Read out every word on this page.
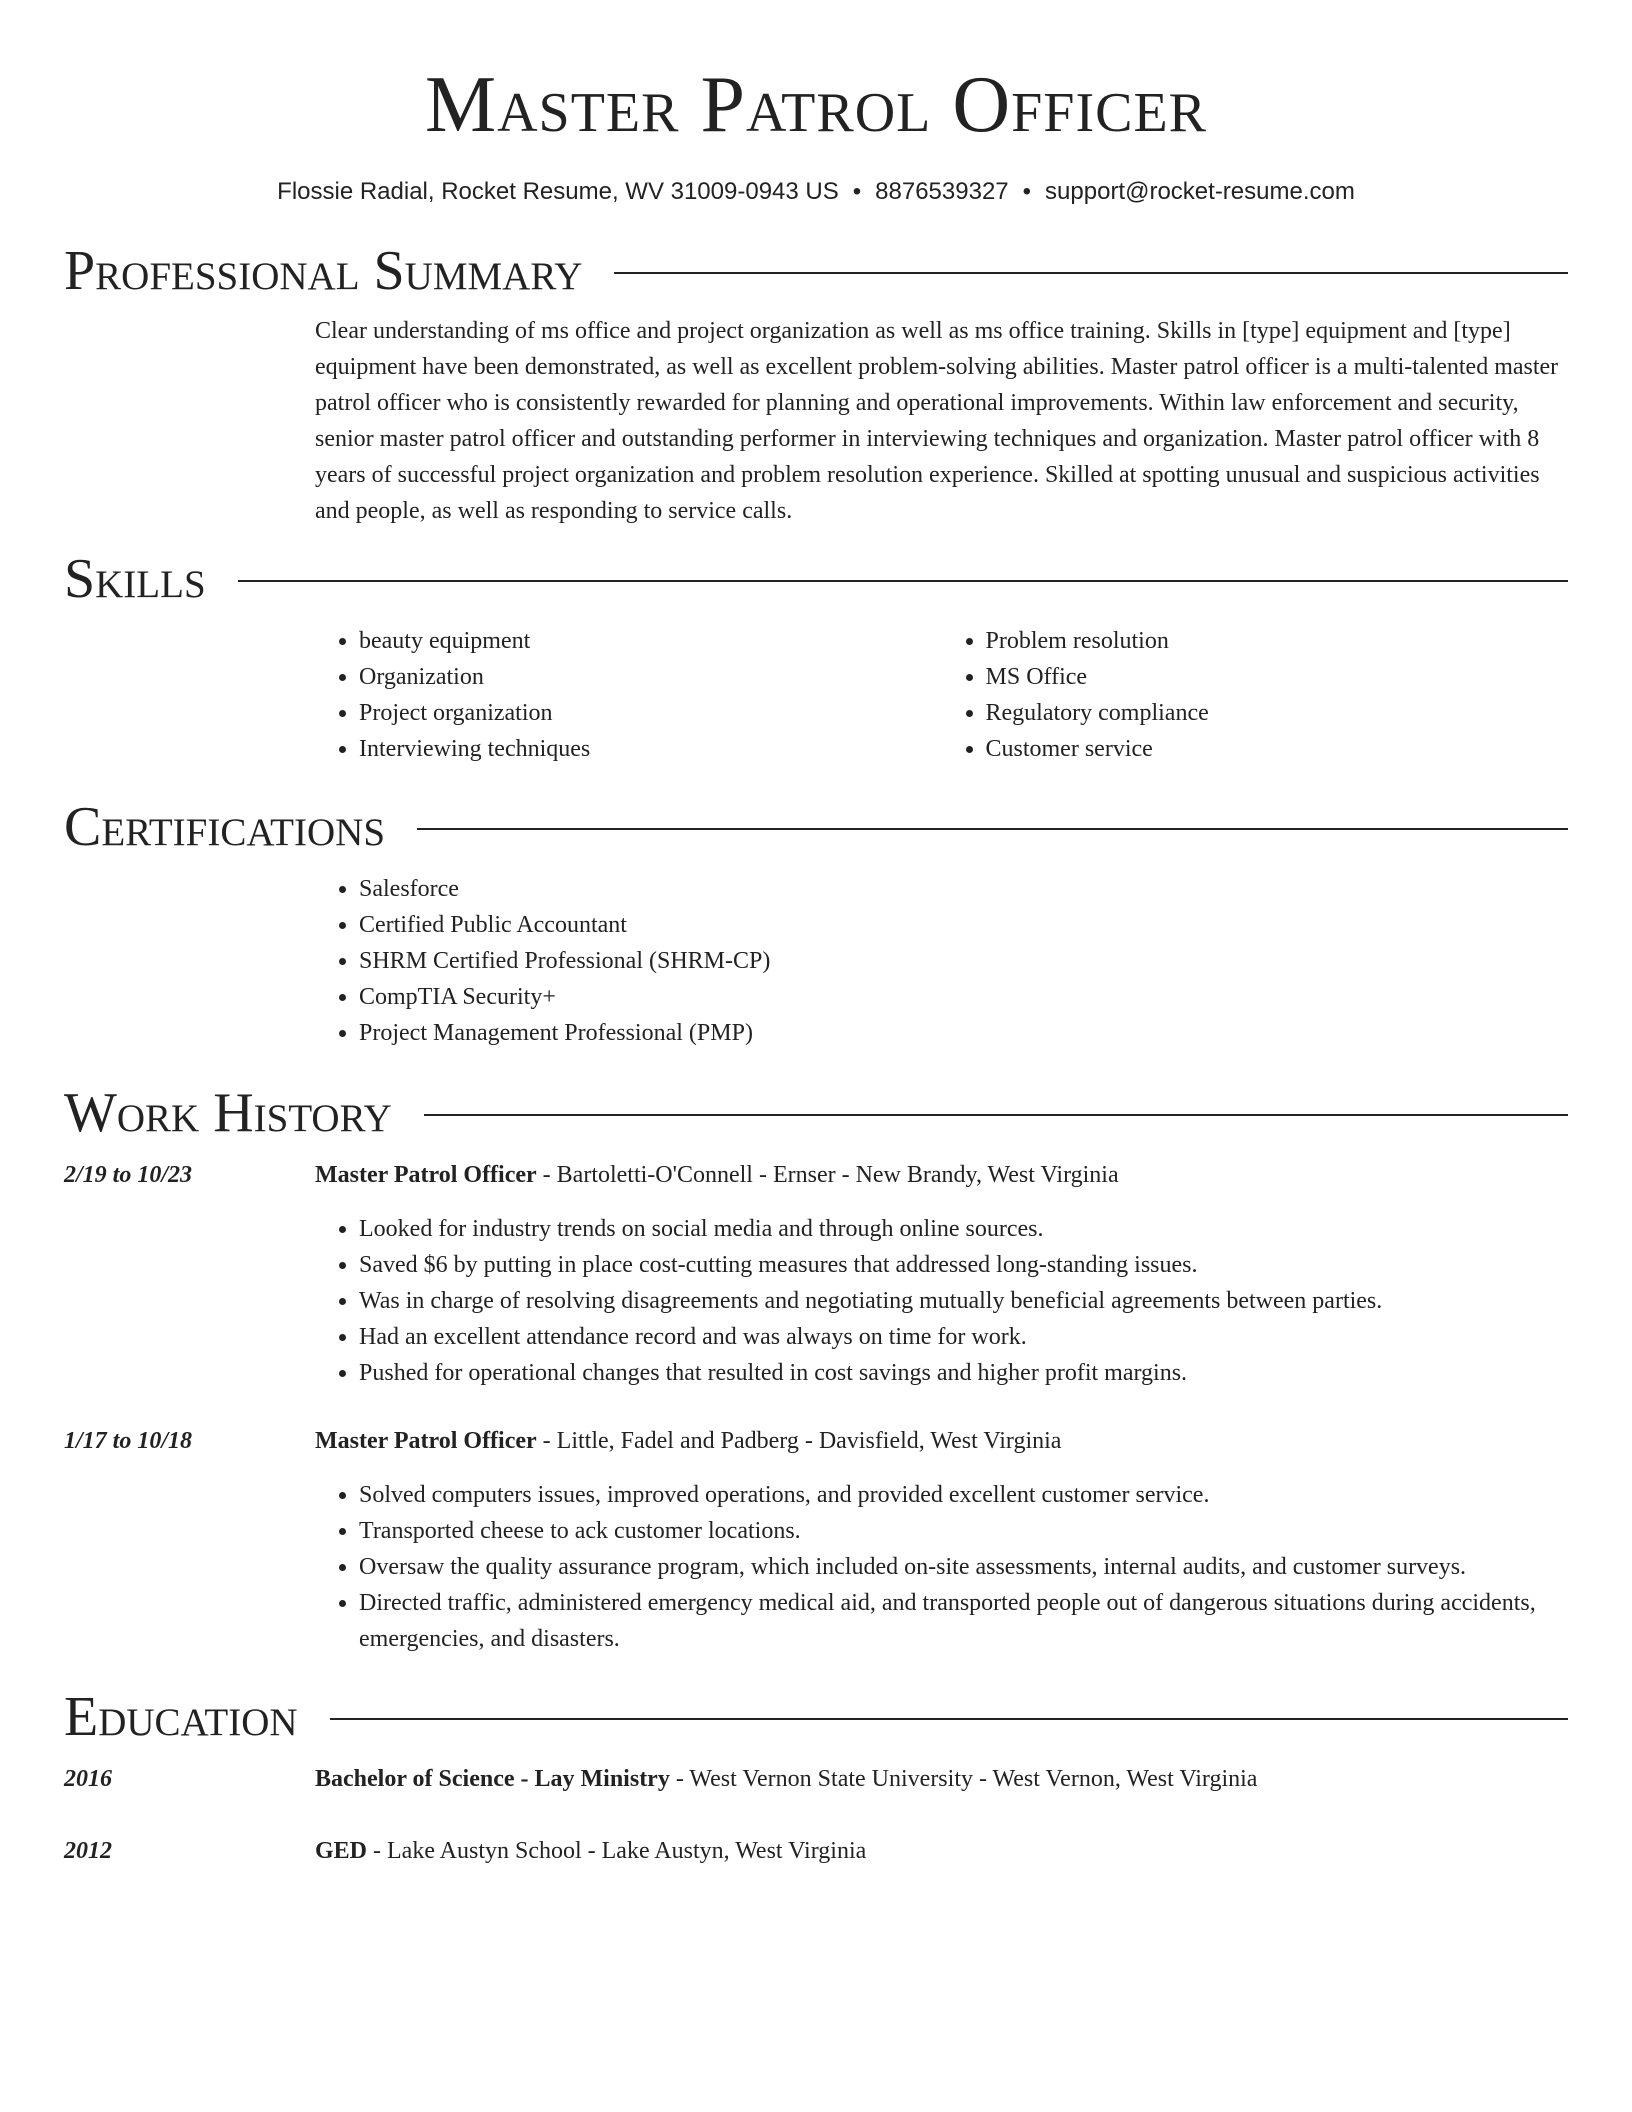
Master Patrol Officer
Flossie Radial, Rocket Resume, WV 31009-0943 US • 8876539327 • support@rocket-resume.com
Professional Summary
Clear understanding of ms office and project organization as well as ms office training. Skills in [type] equipment and [type] equipment have been demonstrated, as well as excellent problem-solving abilities. Master patrol officer is a multi-talented master patrol officer who is consistently rewarded for planning and operational improvements. Within law enforcement and security, senior master patrol officer and outstanding performer in interviewing techniques and organization. Master patrol officer with 8 years of successful project organization and problem resolution experience. Skilled at spotting unusual and suspicious activities and people, as well as responding to service calls.
Skills
• beauty equipment
• Organization
• Project organization
• Interviewing techniques
• Problem resolution
• MS Office
• Regulatory compliance
• Customer service
Certifications
• Salesforce
• Certified Public Accountant
• SHRM Certified Professional (SHRM-CP)
• CompTIA Security+
• Project Management Professional (PMP)
Work History
2/19 to 10/23	Master Patrol Officer - Bartoletti-O'Connell - Ernser - New Brandy, West Virginia
• Looked for industry trends on social media and through online sources.
• Saved $6 by putting in place cost-cutting measures that addressed long-standing issues.
• Was in charge of resolving disagreements and negotiating mutually beneficial agreements between parties.
• Had an excellent attendance record and was always on time for work.
• Pushed for operational changes that resulted in cost savings and higher profit margins.
1/17 to 10/18	Master Patrol Officer - Little, Fadel and Padberg - Davisfield, West Virginia
• Solved computers issues, improved operations, and provided excellent customer service.
• Transported cheese to ack customer locations.
• Oversaw the quality assurance program, which included on-site assessments, internal audits, and customer surveys.
• Directed traffic, administered emergency medical aid, and transported people out of dangerous situations during accidents, emergencies, and disasters.
Education
2016	Bachelor of Science - Lay Ministry - West Vernon State University - West Vernon, West Virginia
2012	GED - Lake Austyn School - Lake Austyn, West Virginia
